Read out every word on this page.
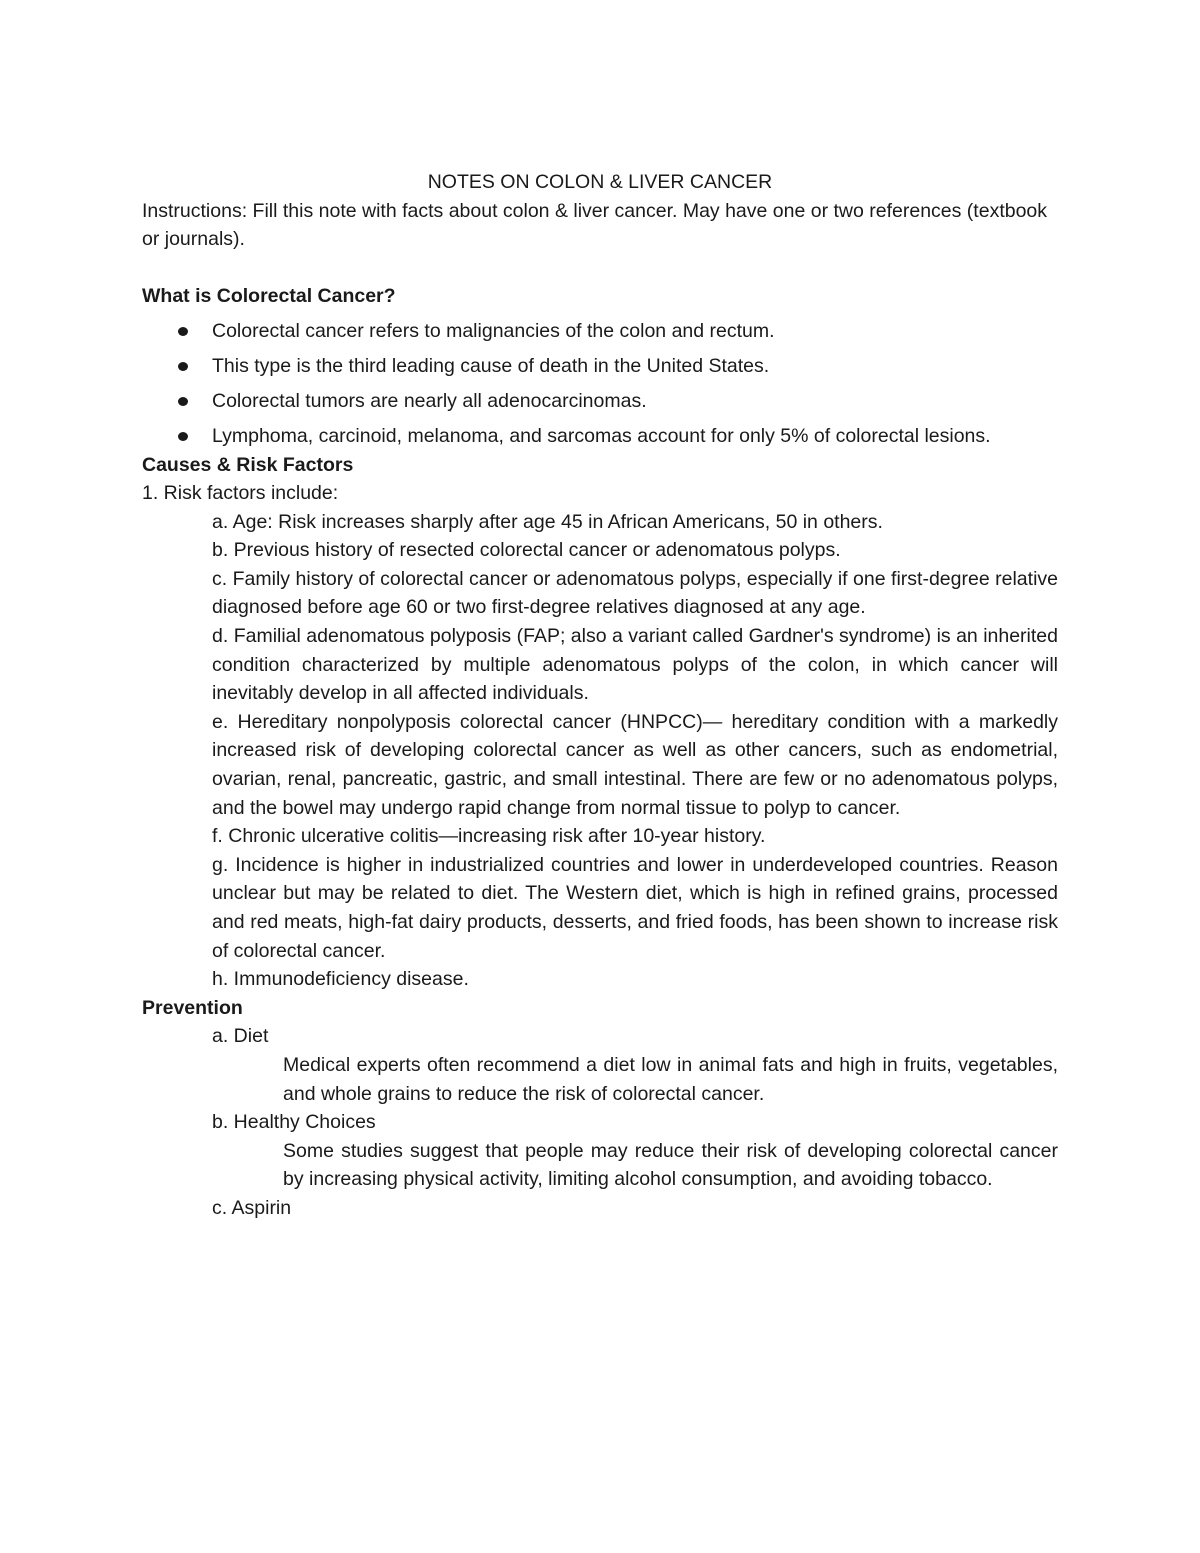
NOTES ON COLON & LIVER CANCER

Instructions: Fill this note with facts about colon & liver cancer. May have one or two references (textbook or journals).

What is Colorectal Cancer?
Colorectal cancer refers to malignancies of the colon and rectum.
This type is the third leading cause of death in the United States.
Colorectal tumors are nearly all adenocarcinomas.
Lymphoma, carcinoid, melanoma, and sarcomas account for only 5% of colorectal lesions.
Causes & Risk Factors

1. Risk factors include:

a. Age: Risk increases sharply after age 45 in African Americans, 50 in others.
b. Previous history of resected colorectal cancer or adenomatous polyps.
c. Family history of colorectal cancer or adenomatous polyps, especially if one first-degree relative diagnosed before age 60 or two first-degree relatives diagnosed at any age.
d. Familial adenomatous polyposis (FAP; also a variant called Gardner's syndrome) is an inherited condition characterized by multiple adenomatous polyps of the colon, in which cancer will inevitably develop in all affected individuals.
e. Hereditary nonpolyposis colorectal cancer (HNPCC)— hereditary condition with a markedly increased risk of developing colorectal cancer as well as other cancers, such as endometrial, ovarian, renal, pancreatic, gastric, and small intestinal. There are few or no adenomatous polyps, and the bowel may undergo rapid change from normal tissue to polyp to cancer.
f. Chronic ulcerative colitis—increasing risk after 10-year history.
g. Incidence is higher in industrialized countries and lower in underdeveloped countries. Reason unclear but may be related to diet. The Western diet, which is high in refined grains, processed and red meats, high-fat dairy products, desserts, and fried foods, has been shown to increase risk of colorectal cancer.
h. Immunodeficiency disease.
Prevention

a. Diet

Medical experts often recommend a diet low in animal fats and high in fruits, vegetables, and whole grains to reduce the risk of colorectal cancer.

b. Healthy Choices

Some studies suggest that people may reduce their risk of developing colorectal cancer by increasing physical activity, limiting alcohol consumption, and avoiding tobacco.

c. Aspirin
